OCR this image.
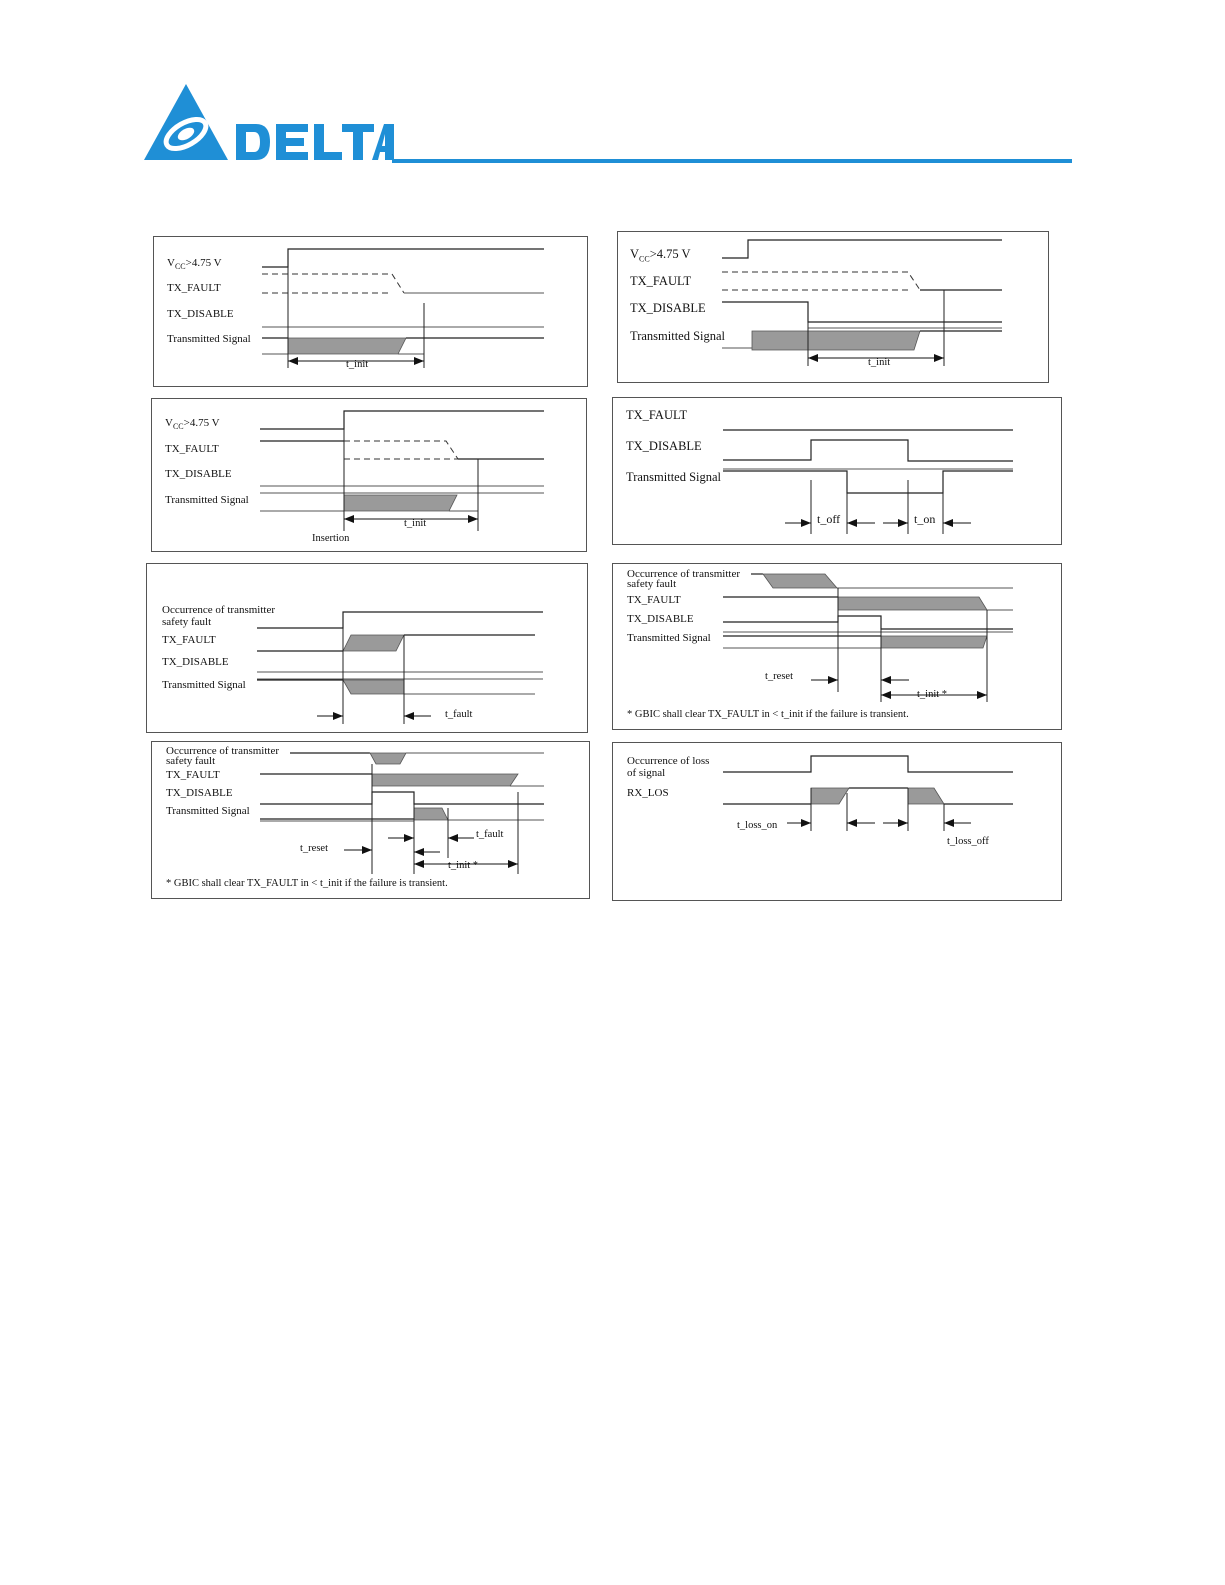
$V_{CC}>4.75$ V
TX_FAULT
TX_DISABLE
Transmitted Signal
t_init
$V_{CC}>4.75$ V
TX_FAULT
TX_DISABLE
Transmitted Signal
t_init
$V_{CC}>4.75$ V
TX_FAULT
TX_DISABLE
Transmitted Signal
t_init
Insertion
TX_FAULT
TX_DISABLE
Transmitted Signal
t_off	t_on
Occurrence of transmitter
safety fault
TX_FAULT
TX_DISABLE
Transmitted Signal
t_fault
Occurrence of transmitter
safety fault
TX_FAULT
TX_DISABLE
Transmitted Signal
t_reset
t_init *
* GBIC shall clear TX_FAULT in < t_init if the failure is transient.
Occurrence of transmitter
safety fault
TX_FAULT
TX_DISABLE
Transmitted Signal
t_reset
t_fault
t_init *
* GBIC shall clear TX_FAULT in < t_init if the failure is transient.
Occurrence of loss
of signal
RX_LOS
t_loss_on
t_loss_off
